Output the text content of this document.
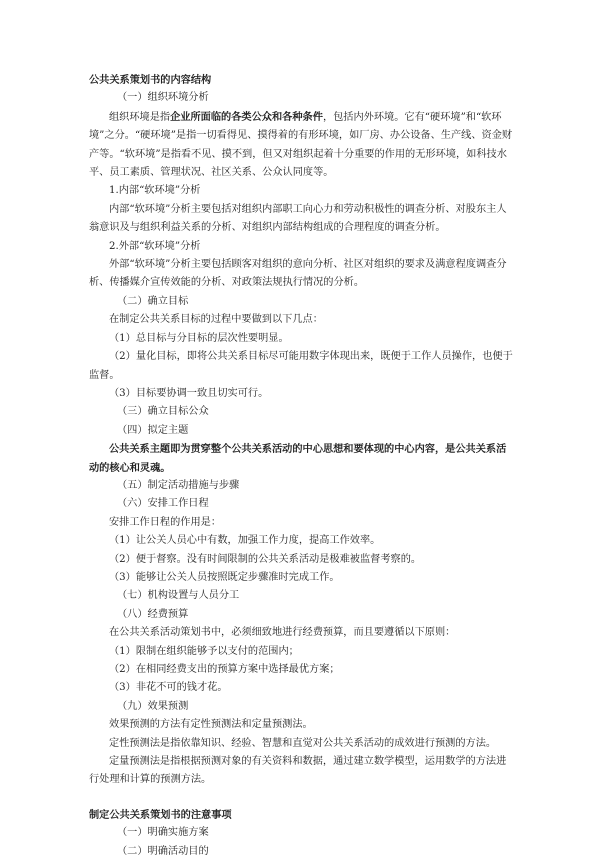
公共关系策划书的内容结构

（一）组织环境分析

组织环境是指企业所面临的各类公众和各种条件，包括内外环境。它有“硬环境”和“软环境”之分。“硬环境”是指一切看得见、摸得着的有形环境，如厂房、办公设备、生产线、资金财产等。“软环境”是指看不见、摸不到，但又对组织起着十分重要的作用的无形环境，如科技水平、员工素质、管理状况、社区关系、公众认同度等。

1.内部“软环境”分析

内部“软环境”分析主要包括对组织内部职工向心力和劳动积极性的调查分析、对股东主人翁意识及与组织利益关系的分析、对组织内部结构组成的合理程度的调查分析。

2.外部“软环境”分析

外部“软环境”分析主要包括顾客对组织的意向分析、社区对组织的要求及满意程度调查分析、传播媒介宣传效能的分析、对政策法规执行情况的分析。

（二）确立目标

在制定公共关系目标的过程中要做到以下几点：

（1）总目标与分目标的层次性要明显。

（2）量化目标，即将公共关系目标尽可能用数字体现出来，既便于工作人员操作，也便于监督。

（3）目标要协调一致且切实可行。

（三）确立目标公众

（四）拟定主题

公共关系主题即为贯穿整个公共关系活动的中心思想和要体现的中心内容，是公共关系活动的核心和灵魂。

（五）制定活动措施与步骤

（六）安排工作日程

安排工作日程的作用是：

（1）让公关人员心中有数，加强工作力度，提高工作效率。

（2）便于督察。没有时间限制的公共关系活动是极难被监督考察的。

（3）能够让公关人员按照既定步骤准时完成工作。

（七）机构设置与人员分工

（八）经费预算

在公共关系活动策划书中，必须细致地进行经费预算，而且要遵循以下原则：

（1）限制在组织能够予以支付的范围内；

（2）在相同经费支出的预算方案中选择最优方案；

（3）非花不可的钱才花。

（九）效果预测

效果预测的方法有定性预测法和定量预测法。

定性预测法是指依靠知识、经验、智慧和直觉对公共关系活动的成效进行预测的方法。

定量预测法是指根据预测对象的有关资料和数据，通过建立数学模型，运用数学的方法进行处理和计算的预测方法。

制定公共关系策划书的注意事项

（一）明确实施方案

（二）明确活动目的
